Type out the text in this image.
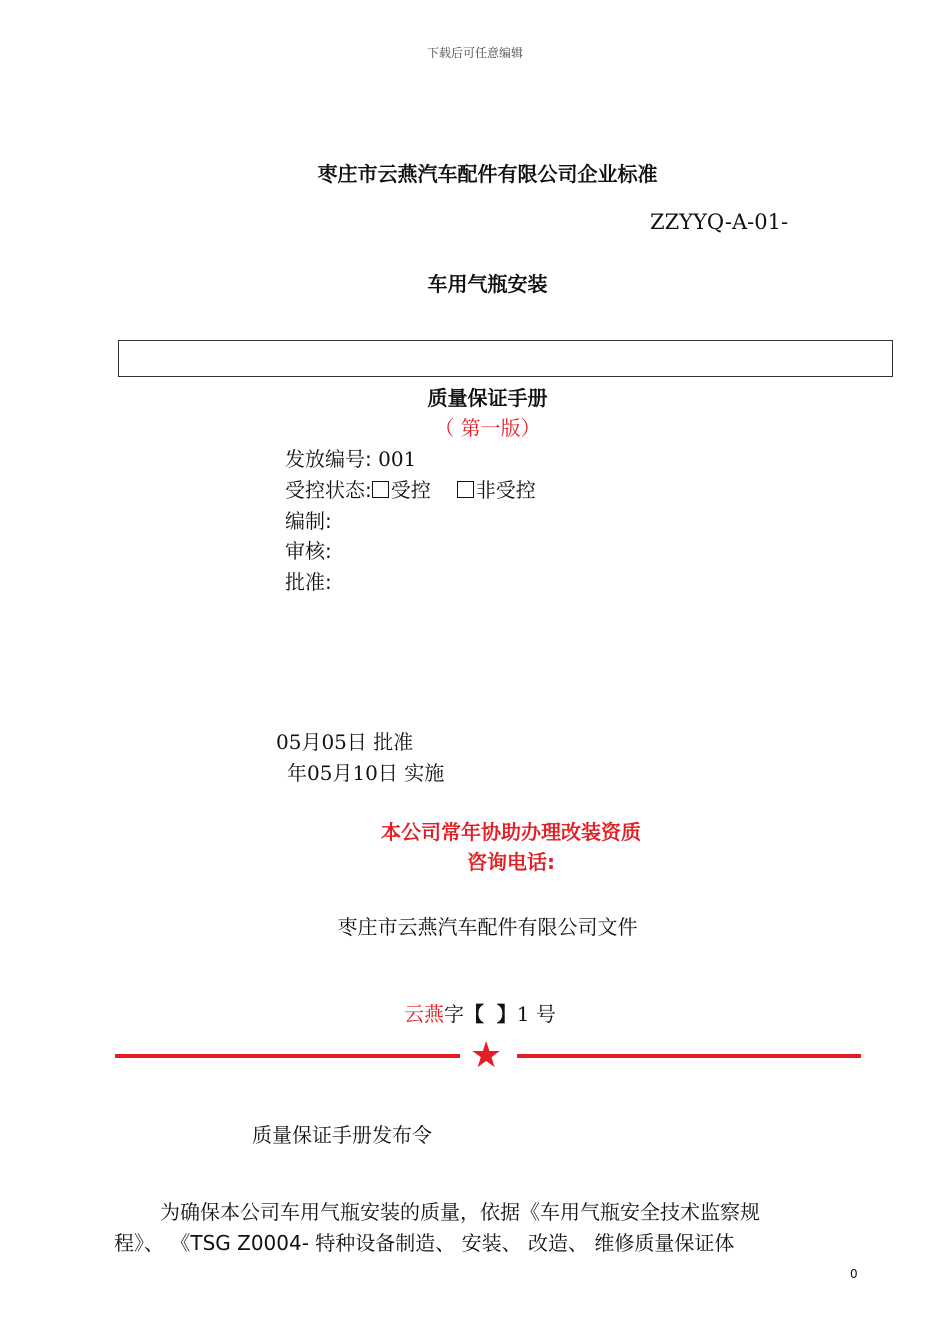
下载后可任意编辑
枣庄市云燕汽车配件有限公司企业标准
ZZYYQ-A-01-
车用气瓶安装
质量保证手册
（ 第一版）
发放编号: 001
受控状态: 受控 非受控
编制:
审核:
批准:
05月05日 批准
年05月10日 实施
本公司常年协助办理改装资质
咨询电话:
枣庄市云燕汽车配件有限公司文件
云燕字【 】1 号
★
质量保证手册发布令
为确保本公司车用气瓶安装的质量，依据《车用气瓶安全技术监察规
程》、 《TSG Z0004- 特种设备制造、 安装、 改造、 维修质量保证体
0
